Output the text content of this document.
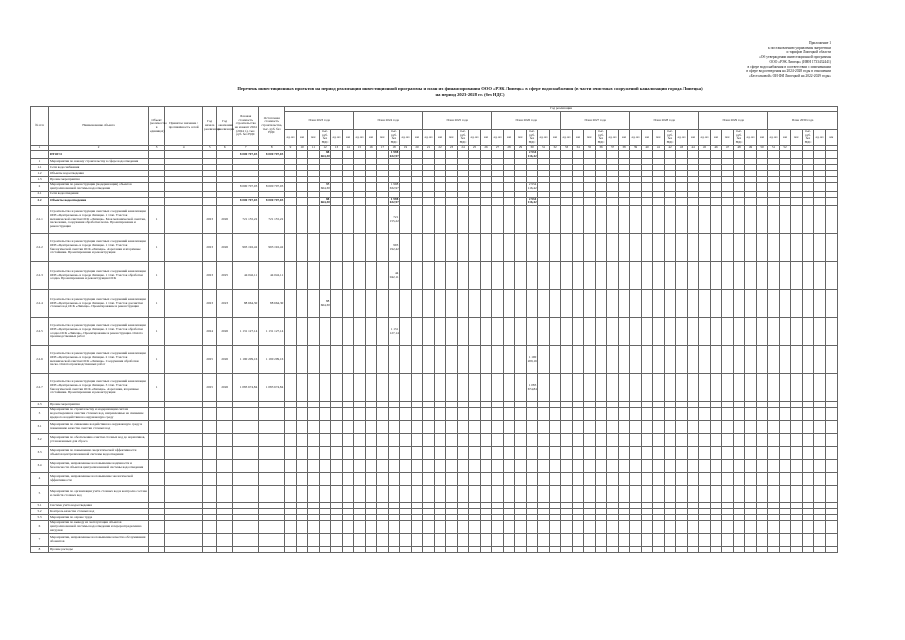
Приложение 1
к постановлению управления энергетики
и тарифов Липецкой области
«Об утверждении инвестиционной программы
ООО «РЭК Липецк» (ИНН 1733432441)
в сфере водоснабжения в соответствии с изменениями
в сфере водоотведения на 2024-2028 годы в отношении
«Бестолковой» ОИ ФИ Липецкой на 2022-2029 годы»
Перечень инвестиционных проектов на период реализации инвестиционной программы и план их финансирования ООО «РЭК Липецк» в сфере водоснабжения (в части очистных сооружений канализации города Липецка)
на период 2023-2028 гг. (без НДС)
№ п/п	Наименование объекта	Объект (количество в единицах)	Принятое значение / протяжённость сетей	Год начала реализации	Год окончания реализации	Базовая стоимость строительства на момент 2024 (2024 г.), тыс. руб. без НДС	Остаточная стоимость строительства, тыс. руб. без НДС	Год реализации																																															
								План 2023 года						План 2024 года						План 2025 года						План 2026 года						План 2027 года						План 2028 года						План 2029 года						План 2030 года					
								ед. из	км	пог.	тыс. руб. без НДС	ед. из	км	ед. из	км	пог.	тыс. руб. без НДС	ед. из	км	ед. из	км	пог.	тыс. руб. без НДС	ед. из	км	ед. из	км	пог.	тыс. руб. без НДС	ед. из	км	ед. из	км	пог.	тыс. руб. без НДС	ед. из	км	ед. из	км	пог.	тыс. руб. без НДС	ед. из	км	ед. из	км	пог.	тыс. руб. без НДС	ед. из	км	ед. из	км	пог.	тыс. руб. без НДС	ед. из	км
1	2	3	4	5	6	7	8	9	10	11	12	13	14	15	16	17	18	19	20	21	22	23	24	25	26	27	28	29	30	31	32	33	34	35	36	37	38	39	40	41	42	43	44	45	46	47	48	49	50	51	52				
	ИТОГО					8 000 707,03	8 000 707,03				88 664,30						1 998 632,97												2 934 116,42																										
1	Мероприятия по новому строительству в сфере водоотведения																																																						
1.1	Сети водоснабжения																																																						
1.2	Объекты водоотведения																																																						
1.3	Прочие мероприятия																																																						
2	Мероприятия по реконструкции (модернизации) объектов централизованной системы водоотведения					8 000 707,03	8 000 707,03				88 664,30						1 998 632,97												2 934 116,42																										
2.1	Сети водоотведения																																																						
2.2	Объекты водоотведения					8 000 707,03	8 000 707,03				88 664,30						1 998 632,97												2 934 116,42																										
2.2.1	Строительство и реконструкция очистных сооружений канализации ОИЗ «Центральная» в городе Липецке. 1 этап. Участок механической очистки ОСК «Липецк». Блок механической очистки, песколовки, сооружения обработки песка. Проектирование и реконструкция	1		2023	2026	721 155,22	721 155,22										721 155,22																																						
2.2.2	Строительство и реконструкция очистных сооружений канализации ОИЗ «Центральная» в городе Липецке. 1 этап. Участок биологической очистки ОСК «Липецк». Аэротенки и вторичные отстойники. Проектирование и реконструкция	1		2023	2026	993 192,42	993 192,42										993 192,42																																						
2.2.3	Строительство и реконструкция очистных сооружений канализации ОИЗ «Центральная» в городе Липецке. 1 этап. Участок обработки осадка. Проектирование и реконструкция ОСК	1		2023	2025	44 042,11	44 042,11										44 042,11																																						
2.2.4	Строительство и реконструкция очистных сооружений канализации ОИЗ «Центральная» в городе Липецке. 1 этап. Участок доочистки сточных вод ОСК «Липецк». Проектирование и реконструкция	1		2023	2023	88 664,30	88 664,30				88 664,30																																												
2.2.5	Строительство и реконструкция очистных сооружений канализации ОИЗ «Центральная» в городе Липецке. 2 этап. Участок обработки осадка ОСК «Липецк». Проектирование и реконструкция. Оплата производственных работ	1		2024	2026	1 131 127,14	1 131 127,14										1 131 127,14																																						
2.2.6	Строительство и реконструкция очистных сооружений канализации ОИЗ «Центральная» в городе Липецке. 2 этап. Участок механической очистки ОСК «Липецк». Сооружения обработки песка. Оплата производственных работ	1		2025	2026	1 190 209,16	1 190 209,16																						1 190 209,16																										
2.2.7	Строительство и реконструкция очистных сооружений канализации ОИЗ «Центральная» в городе Липецке. 3 этап. Участок биологической очистки ОСК «Липецк». Аэротенки, вторичные отстойники. Проектирование и реконструкция	1		2025	2026	1 083 674,84	1 083 674,84																						1 083 674,84																										
2.3	Прочие мероприятия																																																						
3	Мероприятия по строительству и модернизации систем водоотведения и очистки сточных вод, направленные на снижение вредного воздействия на окружающую среду																																																						
3.1	Мероприятия по снижению воздействия на окружающую среду и повышению качества очистки сточных вод																																																						
3.2	Мероприятия по обеспечению очистки сточных вод до нормативов, установленных для сброса																																																						
3.3	Мероприятия по повышению энергетической эффективности объектов централизованной системы водоотведения																																																						
3.4	Мероприятия, направленные на повышение надёжности и безопасности объектов централизованной системы водоотведения																																																						
4	Мероприятия, направленные на повышение экологической эффективности																																																						
5	Мероприятия по организации учёта сточных вод и контролю состава и свойств сточных вод																																																						
5.1	Система учёта водоотведения																																																						
5.2	Контроль качества сточных вод																																																						
5.3	Мероприятия по охране труда																																																						
6	Мероприятия по выводу из эксплуатации объектов централизованной системы водоотведения и перераспределению нагрузки																																																						
7	Мероприятия, направленные на повышение качества обслуживания абонентов																																																						
8	Прочие расходы																																																						
